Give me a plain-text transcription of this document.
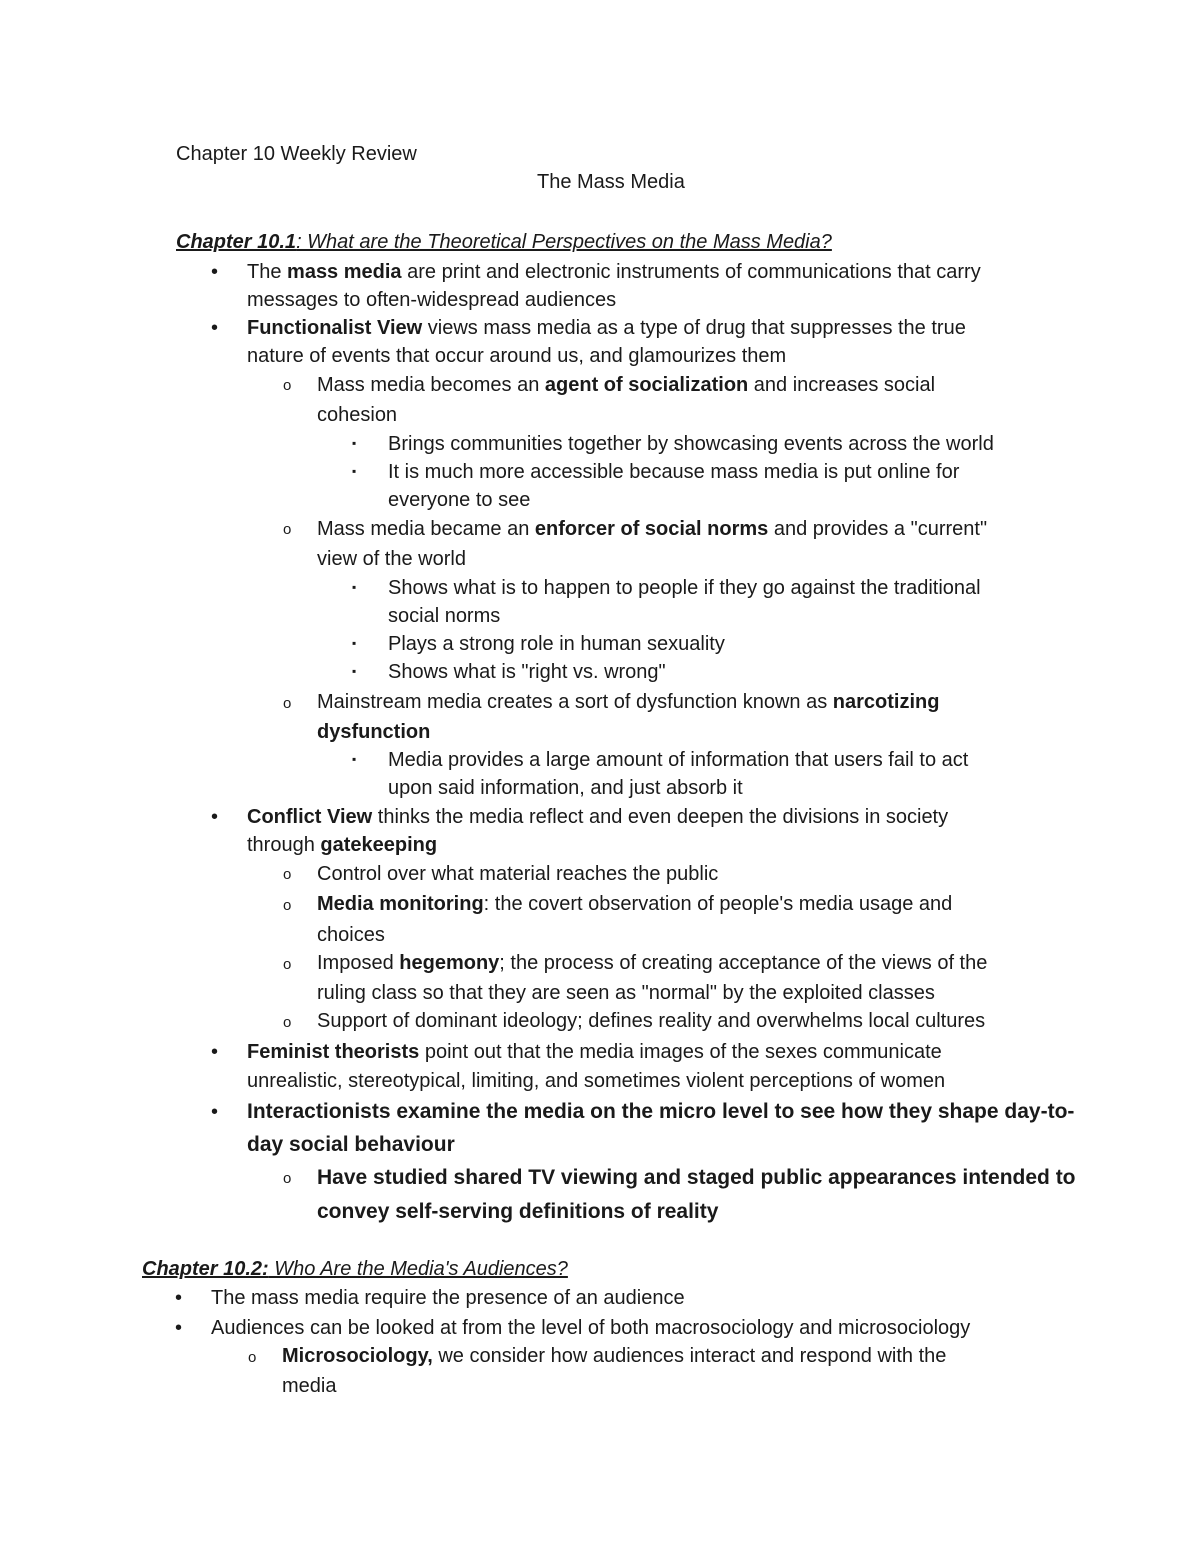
Chapter 10 Weekly Review
The Mass Media
Chapter 10.1: What are the Theoretical Perspectives on the Mass Media?
• The mass media are print and electronic instruments of communications that carry
messages to often-widespread audiences
• Functionalist View views mass media as a type of drug that suppresses the true
nature of events that occur around us, and glamourizes them
o Mass media becomes an agent of socialization and increases social
cohesion
▪ Brings communities together by showcasing events across the world
▪ It is much more accessible because mass media is put online for
everyone to see
o Mass media became an enforcer of social norms and provides a "current"
view of the world
▪ Shows what is to happen to people if they go against the traditional
social norms
▪ Plays a strong role in human sexuality
▪ Shows what is "right vs. wrong"
o Mainstream media creates a sort of dysfunction known as narcotizing
dysfunction
▪ Media provides a large amount of information that users fail to act
upon said information, and just absorb it
• Conflict View thinks the media reflect and even deepen the divisions in society
through gatekeeping
o Control over what material reaches the public
o Media monitoring: the covert observation of people's media usage and
choices
o Imposed hegemony; the process of creating acceptance of the views of the
ruling class so that they are seen as "normal" by the exploited classes
o Support of dominant ideology; defines reality and overwhelms local cultures
• Feminist theorists point out that the media images of the sexes communicate
unrealistic, stereotypical, limiting, and sometimes violent perceptions of women
• Interactionists examine the media on the micro level to see how they shape day-to-
day social behaviour
o Have studied shared TV viewing and staged public appearances intended to
convey self-serving definitions of reality
Chapter 10.2: Who Are the Media's Audiences?
• The mass media require the presence of an audience
• Audiences can be looked at from the level of both macrosociology and microsociology
o Microsociology, we consider how audiences interact and respond with the
media
